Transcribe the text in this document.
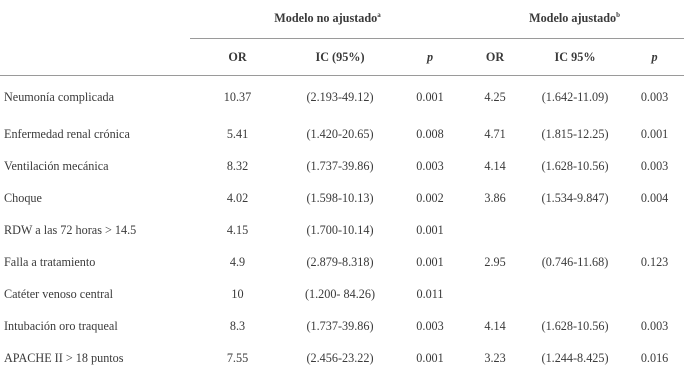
	Modelo no ajustado$^a$			Modelo ajustado$^b$
	OR	IC (95%)	p	OR	IC 95%	p
Neumonía complicada	10.37	(2.193-49.12)	0.001	4.25	(1.642-11.09)	0.003
Enfermedad renal crónica	5.41	(1.420-20.65)	0.008	4.71	(1.815-12.25)	0.001
Ventilación mecánica	8.32	(1.737-39.86)	0.003	4.14	(1.628-10.56)	0.003
Choque	4.02	(1.598-10.13)	0.002	3.86	(1.534-9.847)	0.004
RDW a las 72 horas > 14.5	4.15	(1.700-10.14)	0.001			
Falla a tratamiento	4.9	(2.879-8.318)	0.001	2.95	(0.746-11.68)	0.123
Catéter venoso central	10	(1.200- 84.26)	0.011			
Intubación oro traqueal	8.3	(1.737-39.86)	0.003	4.14	(1.628-10.56)	0.003
APACHE II > 18 puntos	7.55	(2.456-23.22)	0.001	3.23	(1.244-8.425)	0.016
